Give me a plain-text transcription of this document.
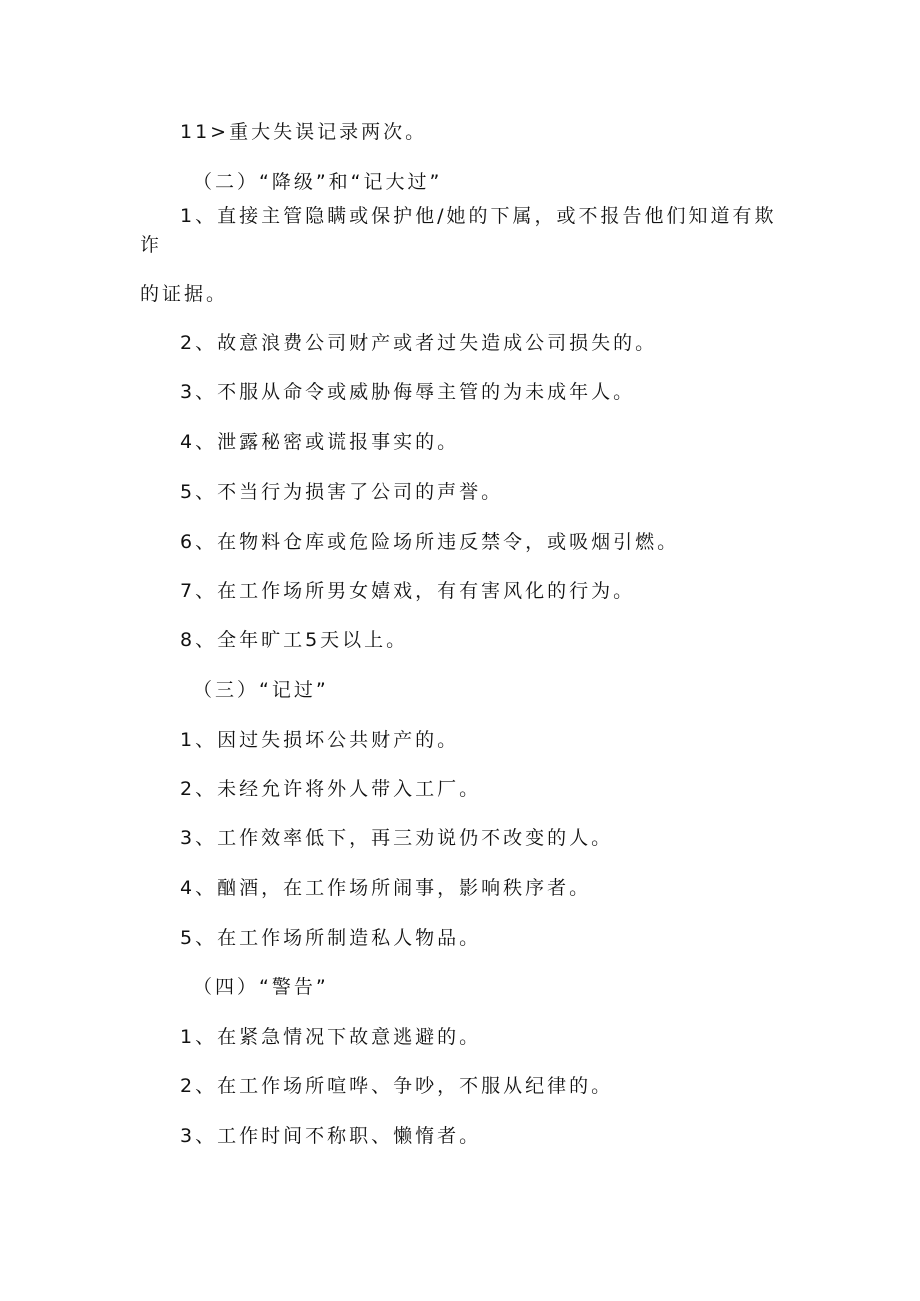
11>重大失误记录两次。
（二）“降级”和“记大过”
1、直接主管隐瞒或保护他/她的下属，或不报告他们知道有欺
诈
的证据。
2、故意浪费公司财产或者过失造成公司损失的。
3、不服从命令或威胁侮辱主管的为未成年人。
4、泄露秘密或谎报事实的。
5、不当行为损害了公司的声誉。
6、在物料仓库或危险场所违反禁令，或吸烟引燃。
7、在工作场所男女嬉戏，有有害风化的行为。
8、全年旷工5天以上。
（三）“记过”
1、因过失损坏公共财产的。
2、未经允许将外人带入工厂。
3、工作效率低下，再三劝说仍不改变的人。
4、酗酒，在工作场所闹事，影响秩序者。
5、在工作场所制造私人物品。
（四）“警告”
1、在紧急情况下故意逃避的。
2、在工作场所喧哗、争吵，不服从纪律的。
3、工作时间不称职、懒惰者。
